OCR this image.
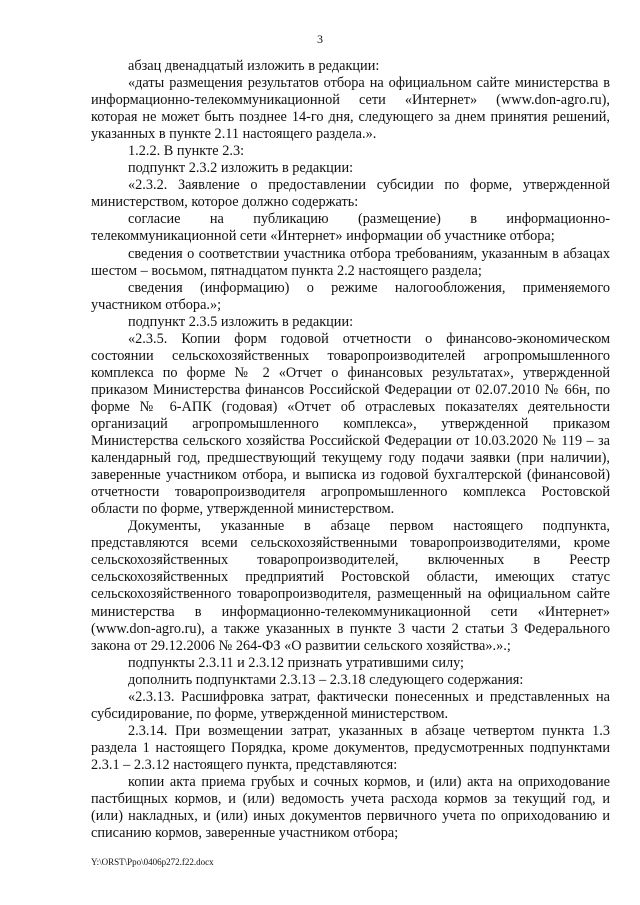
3

абзац двенадцатый изложить в редакции:

«даты размещения результатов отбора на официальном сайте министерства в информационно-телекоммуникационной сети «Интернет» (www.don-agro.ru), которая не может быть позднее 14-го дня, следующего за днем принятия решений, указанных в пункте 2.11 настоящего раздела.».

1.2.2. В пункте 2.3:

подпункт 2.3.2 изложить в редакции:

«2.3.2. Заявление о предоставлении субсидии по форме, утвержденной министерством, которое должно содержать:

согласие на публикацию (размещение) в информационно-телекоммуникационной сети «Интернет» информации об участнике отбора;

сведения о соответствии участника отбора требованиям, указанным в абзацах шестом – восьмом, пятнадцатом пункта 2.2 настоящего раздела;

сведения (информацию) о режиме налогообложения, применяемого участником отбора.»;

подпункт 2.3.5 изложить в редакции:

«2.3.5. Копии форм годовой отчетности о финансово-экономическом состоянии сельскохозяйственных товаропроизводителей агропромышленного комплекса по форме № 2 «Отчет о финансовых результатах», утвержденной приказом Министерства финансов Российской Федерации от 02.07.2010 № 66н, по форме № 6-АПК (годовая) «Отчет об отраслевых показателях деятельности организаций агропромышленного комплекса», утвержденной приказом Министерства сельского хозяйства Российской Федерации от 10.03.2020 № 119 – за календарный год, предшествующий текущему году подачи заявки (при наличии), заверенные участником отбора, и выписка из годовой бухгалтерской (финансовой) отчетности товаропроизводителя агропромышленного комплекса Ростовской области по форме, утвержденной министерством.

Документы, указанные в абзаце первом настоящего подпункта, представляются всеми сельскохозяйственными товаропроизводителями, кроме сельскохозяйственных товаропроизводителей, включенных в Реестр сельскохозяйственных предприятий Ростовской области, имеющих статус сельскохозяйственного товаропроизводителя, размещенный на официальном сайте министерства в информационно-телекоммуникационной сети «Интернет» (www.don-agro.ru), а также указанных в пункте 3 части 2 статьи 3 Федерального закона от 29.12.2006 № 264-ФЗ «О развитии сельского хозяйства».».;

подпункты 2.3.11 и 2.3.12 признать утратившими силу;

дополнить подпунктами 2.3.13 – 2.3.18 следующего содержания:

«2.3.13. Расшифровка затрат, фактически понесенных и представленных на субсидирование, по форме, утвержденной министерством.

2.3.14. При возмещении затрат, указанных в абзаце четвертом пункта 1.3 раздела 1 настоящего Порядка, кроме документов, предусмотренных подпунктами 2.3.1 – 2.3.12 настоящего пункта, представляются:

копии акта приема грубых и сочных кормов, и (или) акта на оприходование пастбищных кормов, и (или) ведомость учета расхода кормов за текущий год, и (или) накладных, и (или) иных документов первичного учета по оприходованию и списанию кормов, заверенные участником отбора;

Y:\ORST\Ppo\0406p272.f22.docx
